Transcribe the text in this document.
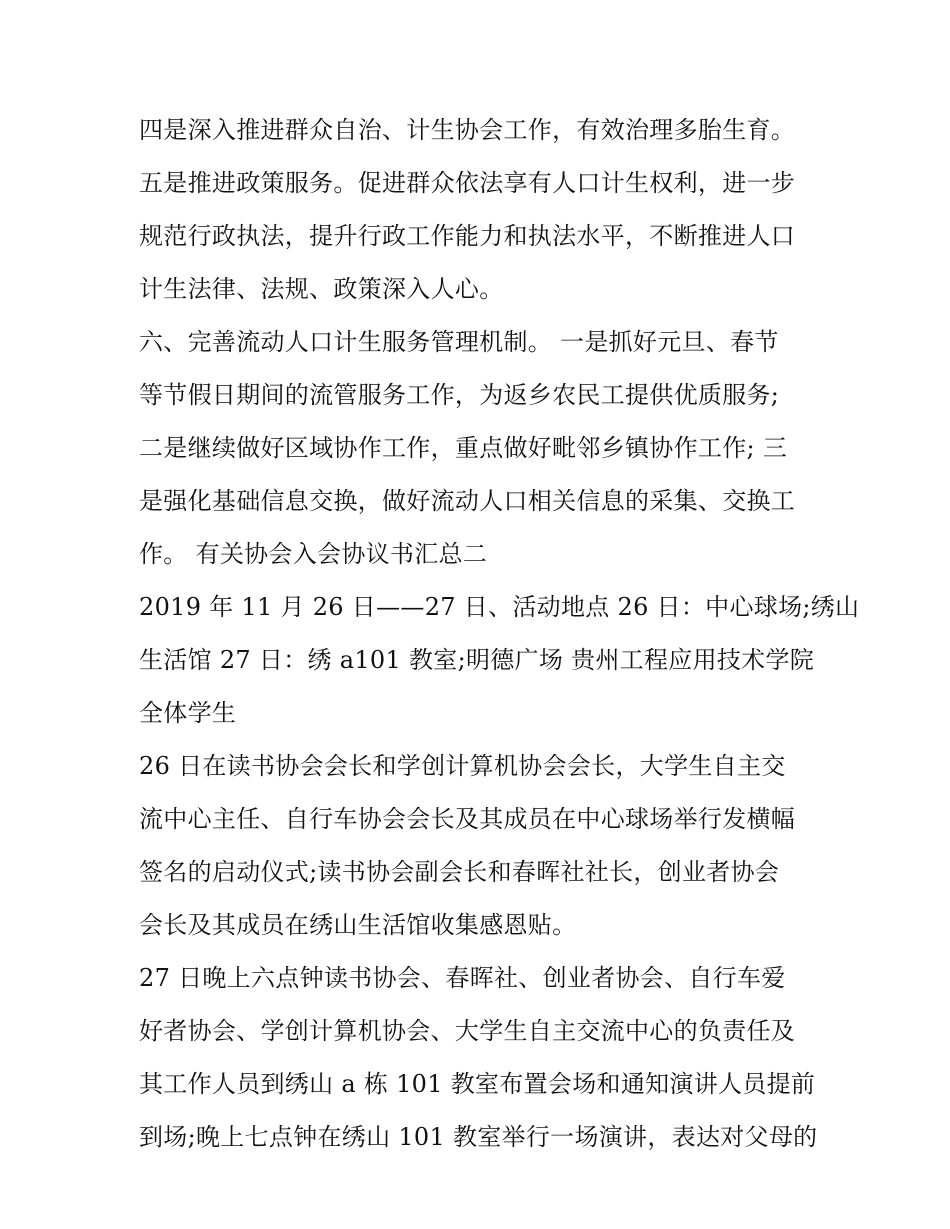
四是深入推进群众自治、计生协会工作，有效治理多胎生育。
五是推进政策服务。促进群众依法享有人口计生权利，进一步
规范行政执法，提升行政工作能力和执法水平，不断推进人口
计生法律、法规、政策深入人心。
六、完善流动人口计生服务管理机制。 一是抓好元旦、春节
等节假日期间的流管服务工作，为返乡农民工提供优质服务;
二是继续做好区域协作工作，重点做好毗邻乡镇协作工作; 三
是强化基础信息交换，做好流动人口相关信息的采集、交换工
作。 有关协会入会协议书汇总二
2019 年 11 月 26 日——27 日、活动地点 26 日：中心球场;绣山
生活馆 27 日：绣 a101 教室;明德广场 贵州工程应用技术学院
全体学生
26 日在读书协会会长和学创计算机协会会长，大学生自主交
流中心主任、自行车协会会长及其成员在中心球场举行发横幅
签名的启动仪式;读书协会副会长和春晖社社长，创业者协会
会长及其成员在绣山生活馆收集感恩贴。
27 日晚上六点钟读书协会、春晖社、创业者协会、自行车爱
好者协会、学创计算机协会、大学生自主交流中心的负责任及
其工作人员到绣山 a 栋 101 教室布置会场和通知演讲人员提前
到场;晚上七点钟在绣山 101 教室举行一场演讲，表达对父母的
